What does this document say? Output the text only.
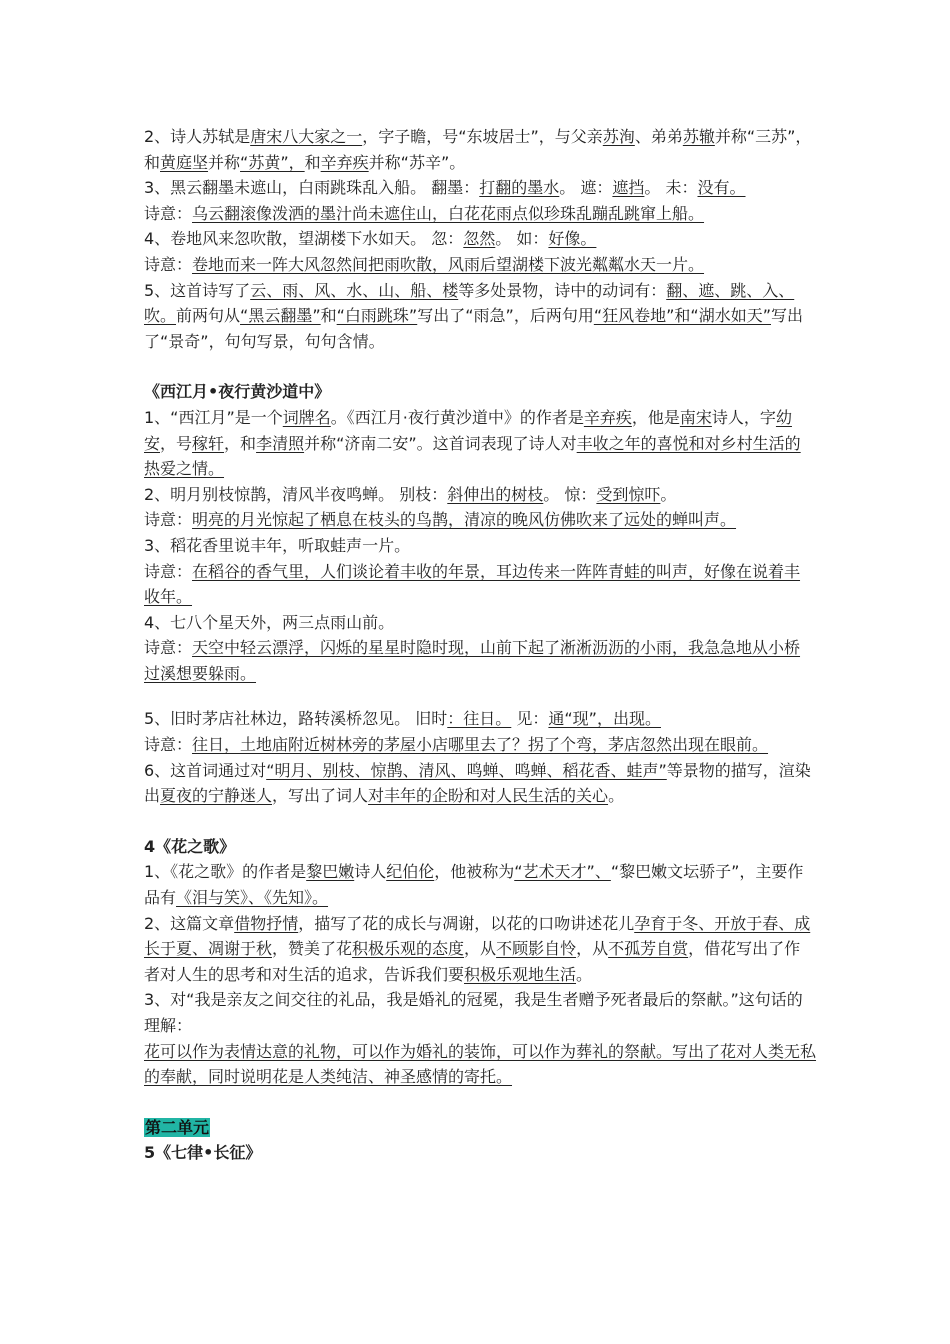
2、诗人苏轼是唐宋八大家之一，字子瞻，号“东坡居士”，与父亲苏洵、弟弟苏辙并称“三苏”，和黄庭坚并称“苏黄”，和辛弃疾并称“苏辛”。

3、黑云翻墨未遮山，白雨跳珠乱入船。 翻墨：打翻的墨水。 遮：遮挡。 未：没有。

诗意：乌云翻滚像泼洒的墨汁尚未遮住山，白花花雨点似珍珠乱蹦乱跳窜上船。

4、卷地风来忽吹散，望湖楼下水如天。 忽：忽然。 如：好像。

诗意：卷地而来一阵大风忽然间把雨吹散，风雨后望湖楼下波光粼粼水天一片。

5、这首诗写了云、雨、风、水、山、船、楼等多处景物，诗中的动词有：翻、遮、跳、入、吹。前两句从“黑云翻墨”和“白雨跳珠”写出了“雨急”，后两句用“狂风卷地”和“湖水如天”写出了“景奇”，句句写景，句句含情。

《西江月•夜行黄沙道中》

1、“西江月”是一个词牌名。《西江月·夜行黄沙道中》的作者是辛弃疾，他是南宋诗人，字幼安，号稼轩，和李清照并称“济南二安”。这首词表现了诗人对丰收之年的喜悦和对乡村生活的热爱之情。

2、明月别枝惊鹊，清风半夜鸣蝉。 别枝：斜伸出的树枝。 惊：受到惊吓。

诗意：明亮的月光惊起了栖息在枝头的鸟鹊，清凉的晚风仿佛吹来了远处的蝉叫声。

3、稻花香里说丰年，听取蛙声一片。

诗意：在稻谷的香气里，人们谈论着丰收的年景，耳边传来一阵阵青蛙的叫声，好像在说着丰收年。

4、七八个星天外，两三点雨山前。

诗意：天空中轻云漂浮，闪烁的星星时隐时现，山前下起了淅淅沥沥的小雨，我急急地从小桥过溪想要躲雨。

5、旧时茅店社林边，路转溪桥忽见。 旧时：往日。 见：通“现”，出现。

诗意：往日，土地庙附近树林旁的茅屋小店哪里去了？拐了个弯，茅店忽然出现在眼前。

6、这首词通过对“明月、别枝、惊鹊、清风、鸣蝉、鸣蝉、稻花香、蛙声”等景物的描写，渲染出夏夜的宁静迷人，写出了词人对丰年的企盼和对人民生活的关心。

4《花之歌》

1、《花之歌》的作者是黎巴嫩诗人纪伯伦，他被称为“艺术天才”、“黎巴嫩文坛骄子”，主要作品有《泪与笑》、《先知》。

2、这篇文章借物抒情，描写了花的成长与凋谢，以花的口吻讲述花儿孕育于冬、开放于春、成长于夏、凋谢于秋，赞美了花积极乐观的态度，从不顾影自怜，从不孤芳自赏，借花写出了作者对人生的思考和对生活的追求，告诉我们要积极乐观地生活。

3、对“我是亲友之间交往的礼品，我是婚礼的冠冕，我是生者赠予死者最后的祭献。”这句话的理解：

花可以作为表情达意的礼物，可以作为婚礼的装饰，可以作为葬礼的祭献。写出了花对人类无私的奉献，同时说明花是人类纯洁、神圣感情的寄托。

第二单元

5《七律•长征》
